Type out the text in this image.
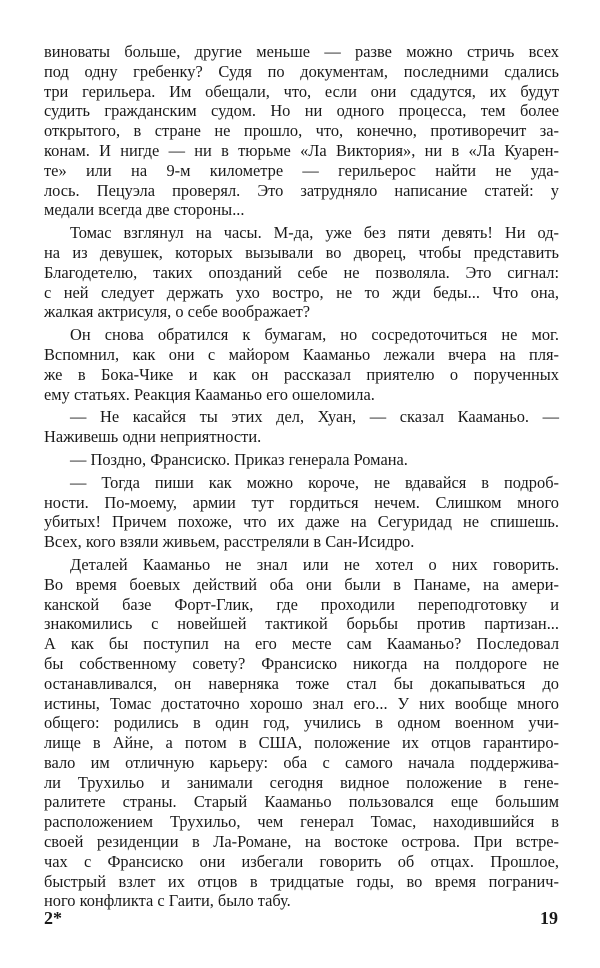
виноваты больше, другие меньше — разве можно стричь всех
под одну гребенку? Судя по документам, последними сдались
три герильера. Им обещали, что, если они сдадутся, их будут
судить гражданским судом. Но ни одного процесса, тем более
открытого, в стране не прошло, что, конечно, противоречит за-
конам. И нигде — ни в тюрьме «Ла Виктория», ни в «Ла Куарен-
те» или на 9-м километре — герильерос найти не уда-
лось. Пецуэла проверял. Это затрудняло написание статей: у
медали всегда две стороны...
Томас взглянул на часы. М-да, уже без пяти девять! Ни од-
на из девушек, которых вызывали во дворец, чтобы представить
Благодетелю, таких опозданий себе не позволяла. Это сигнал:
с ней следует держать ухо востро, не то жди беды... Что она,
жалкая актрисуля, о себе воображает?
Он снова обратился к бумагам, но сосредоточиться не мог.
Вспомнил, как они с майором Кааманьо лежали вчера на пля-
же в Бока-Чике и как он рассказал приятелю о порученных
ему статьях. Реакция Кааманьо его ошеломила.
— Не касайся ты этих дел, Хуан, — сказал Кааманьо. —
Наживешь одни неприятности.
— Поздно, Франсиско. Приказ генерала Романа.
— Тогда пиши как можно короче, не вдавайся в подроб-
ности. По-моему, армии тут гордиться нечем. Слишком много
убитых! Причем похоже, что их даже на Сегуридад не спишешь.
Всех, кого взяли живьем, расстреляли в Сан-Исидро.
Деталей Кааманьо не знал или не хотел о них говорить.
Во время боевых действий оба они были в Панаме, на амери-
канской базе Форт-Глик, где проходили переподготовку и
знакомились с новейшей тактикой борьбы против партизан...
А как бы поступил на его месте сам Кааманьо? Последовал
бы собственному совету? Франсиско никогда на полдороге не
останавливался, он наверняка тоже стал бы докапываться до
истины, Томас достаточно хорошо знал его... У них вообще много
общего: родились в один год, учились в одном военном учи-
лище в Айне, а потом в США, положение их отцов гарантиро-
вало им отличную карьеру: оба с самого начала поддержива-
ли Трухильо и занимали сегодня видное положение в гене-
ралитете страны. Старый Кааманьо пользовался еще большим
расположением Трухильо, чем генерал Томас, находившийся в
своей резиденции в Ла-Романе, на востоке острова. При встре-
чах с Франсиско они избегали говорить об отцах. Прошлое,
быстрый взлет их отцов в тридцатые годы, во время погранич-
ного конфликта с Гаити, было табу.
2*	19
